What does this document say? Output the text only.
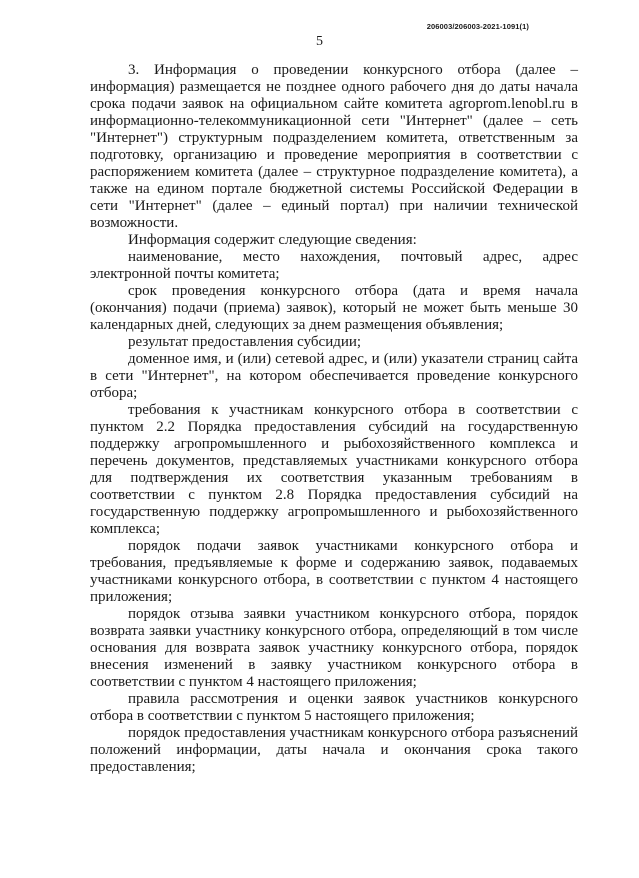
206003/206003-2021-1091(1)
5

3. Информация о проведении конкурсного отбора (далее – информация) размещается не позднее одного рабочего дня до даты начала срока подачи заявок на официальном сайте комитета agroprom.lenobl.ru в информационно-телекоммуникационной сети "Интернет" (далее – сеть "Интернет") структурным подразделением комитета, ответственным за подготовку, организацию и проведение мероприятия в соответствии с распоряжением комитета (далее – структурное подразделение комитета), а также на едином портале бюджетной системы Российской Федерации в сети "Интернет" (далее – единый портал) при наличии технической возможности.

Информация содержит следующие сведения:

наименование, место нахождения, почтовый адрес, адрес электронной почты комитета;

срок проведения конкурсного отбора (дата и время начала (окончания) подачи (приема) заявок), который не может быть меньше 30 календарных дней, следующих за днем размещения объявления;

результат предоставления субсидии;

доменное имя, и (или) сетевой адрес, и (или) указатели страниц сайта в сети "Интернет", на котором обеспечивается проведение конкурсного отбора;

требования к участникам конкурсного отбора в соответствии с пунктом 2.2 Порядка предоставления субсидий на государственную поддержку агропромышленного и рыбохозяйственного комплекса и перечень документов, представляемых участниками конкурсного отбора для подтверждения их соответствия указанным требованиям в соответствии с пунктом 2.8 Порядка предоставления субсидий на государственную поддержку агропромышленного и рыбохозяйственного комплекса;

порядок подачи заявок участниками конкурсного отбора и требования, предъявляемые к форме и содержанию заявок, подаваемых участниками конкурсного отбора, в соответствии с пунктом 4 настоящего приложения;

порядок отзыва заявки участником конкурсного отбора, порядок возврата заявки участнику конкурсного отбора, определяющий в том числе основания для возврата заявок участнику конкурсного отбора, порядок внесения изменений в заявку участником конкурсного отбора в соответствии с пунктом 4 настоящего приложения;

правила рассмотрения и оценки заявок участников конкурсного отбора в соответствии с пунктом 5 настоящего приложения;

порядок предоставления участникам конкурсного отбора разъяснений положений информации, даты начала и окончания срока такого предоставления;
